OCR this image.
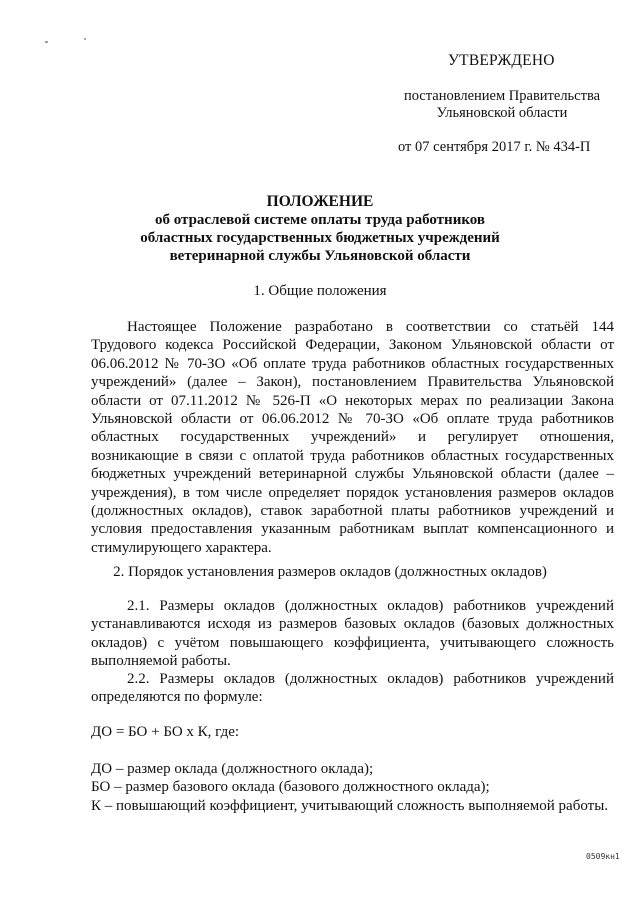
УТВЕРЖДЕНО
постановлением Правительства
Ульяновской области
от 07 сентября 2017 г. № 434-П
ПОЛОЖЕНИЕ
об отраслевой системе оплаты труда работников
областных государственных бюджетных учреждений
ветеринарной службы Ульяновской области
1. Общие положения
Настоящее Положение разработано в соответствии со статьёй 144 Трудового кодекса Российской Федерации, Законом Ульяновской области от 06.06.2012 № 70-ЗО «Об оплате труда работников областных государственных учреждений» (далее – Закон), постановлением Правительства Ульяновской области от 07.11.2012 № 526-П «О некоторых мерах по реализации Закона Ульяновской области от 06.06.2012 № 70-ЗО «Об оплате труда работников областных государственных учреждений» и регулирует отношения, возникающие в связи с оплатой труда работников областных государственных бюджетных учреждений ветеринарной службы Ульяновской области (далее – учреждения), в том числе определяет порядок установления размеров окладов (должностных окладов), ставок заработной платы работников учреждений и условия предоставления указанным работникам выплат компенсационного и стимулирующего характера.
2. Порядок установления размеров окладов (должностных окладов)
2.1. Размеры окладов (должностных окладов) работников учреждений устанавливаются исходя из размеров базовых окладов (базовых должностных окладов) с учётом повышающего коэффициента, учитывающего сложность выполняемой работы.
2.2. Размеры окладов (должностных окладов) работников учреждений определяются по формуле:
ДО = БО + БО х К, где:
ДО – размер оклада (должностного оклада);
БО – размер базового оклада (базового должностного оклада);
К – повышающий коэффициент, учитывающий сложность выполняемой работы.
0509кн1
